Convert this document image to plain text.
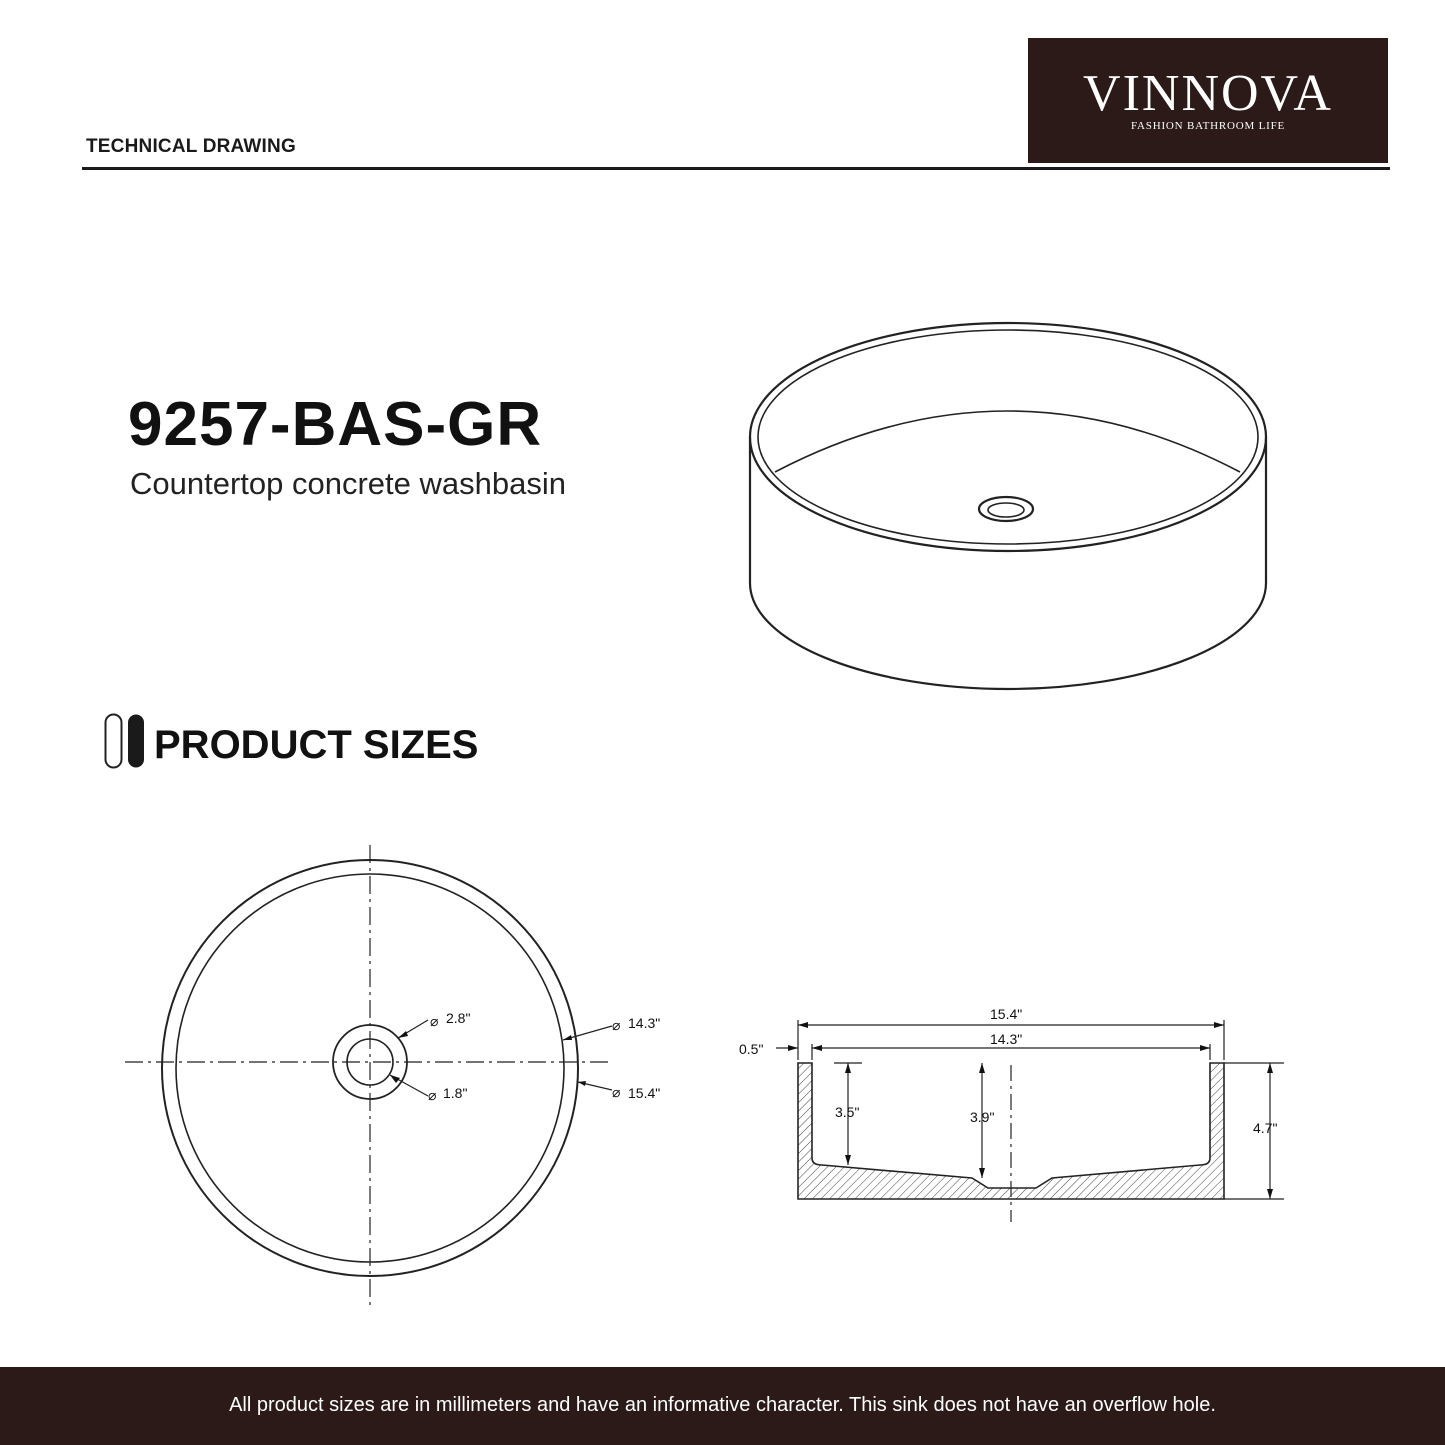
TECHNICAL DRAWING
VINNOVA
FASHION BATHROOM LIFE
9257-BAS-GR
Countertop concrete washbasin
PRODUCT SIZES
⌀ 2.8"
⌀ 1.8"
⌀ 14.3"
⌀ 15.4"
15.4"
14.3"
0.5"
3.5"	3.9"
4.7"
All product sizes are in millimeters and have an informative character. This sink does not have an overflow hole.
